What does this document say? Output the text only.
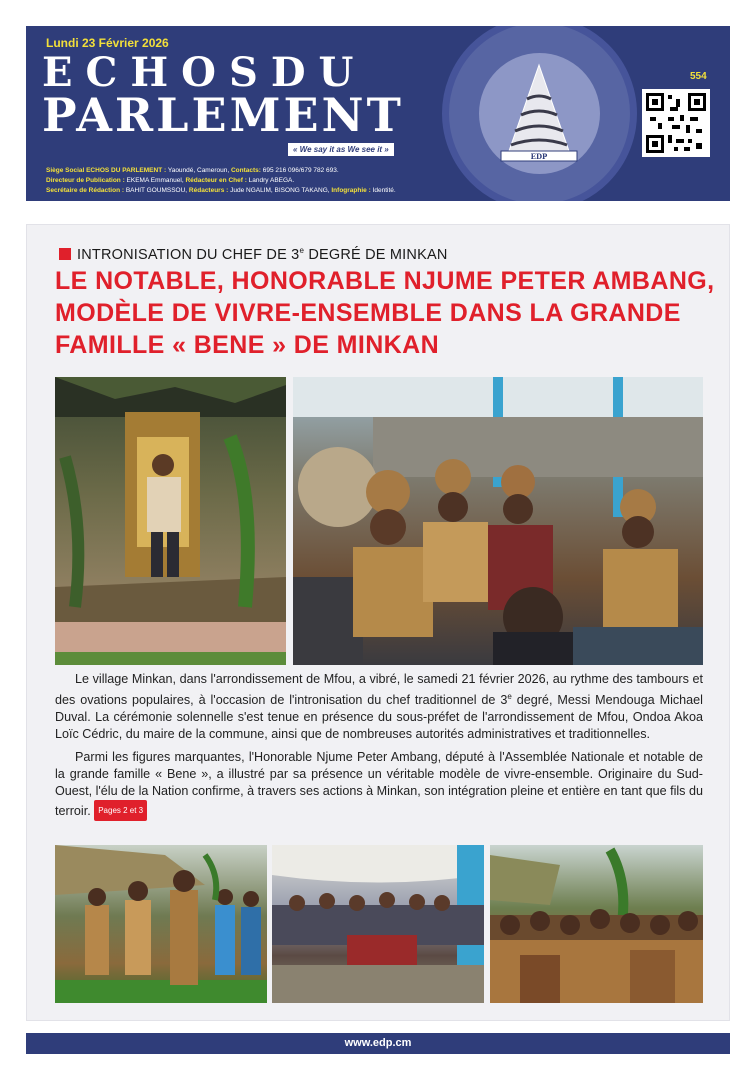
Lundi 23 Février 2026
ECHOSDU
PARLEMENT
« We say it as We see it »
Siège Social ECHOS DU PARLEMENT : Yaoundé, Cameroun, Contacts: 695 216 096/679 782 693.
Directeur de Publication : EKEMA Emmanuel, Rédacteur en Chef : Landry ABEGA.
Secrétaire de Rédaction : BAHIT GOUMSSOU, Rédacteurs : Jude NGALIM, BISONG TAKANG, Infographie : Identité.
EDP
554
INTRONISATION DU CHEF DE 3e DEGRÉ DE MINKAN
LE NOTABLE, HONORABLE NJUME PETER AMBANG,
MODÈLE DE VIVRE-ENSEMBLE DANS LA GRANDE
FAMILLE « BENE » DE MINKAN

Le village Minkan, dans l'arrondissement de Mfou, a vibré, le samedi 21 février 2026, au rythme des tambours et des ovations populaires, à l'occasion de l'intronisation du chef traditionnel de 3e degré, Messi Mendouga Michael Duval. La cérémonie solennelle s'est tenue en présence du sous-préfet de l'arrondissement de Mfou, Ondoa Akoa Loïc Cédric, du maire de la commune, ainsi que de nombreuses autorités administratives et traditionnelles.

Parmi les figures marquantes, l'Honorable Njume Peter Ambang, député à l'Assemblée Nationale et notable de la grande famille « Bene », a illustré par sa présence un véritable modèle de vivre-ensemble. Originaire du Sud-Ouest, l'élu de la Nation confirme, à travers ses actions à Minkan, son intégration pleine et entière en tant que fils du terroir. Pages 2 et 3

www.edp.cm
